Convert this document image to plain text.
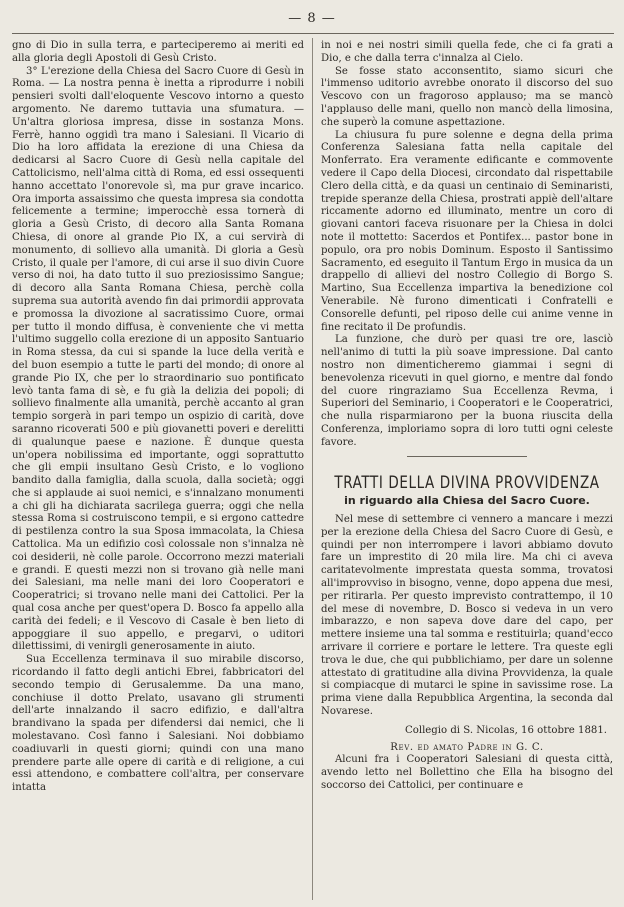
— 8 —

gno di Dio in sulla terra, e parteciperemo ai meriti ed alla gloria degli Apostoli di Gesù Cristo.

3° L'erezione della Chiesa del Sacro Cuore di Gesù in Roma. — La nostra penna è inetta a riprodurre i nobili pensieri svolti dall'eloquente Vescovo intorno a questo argomento. Ne daremo tuttavia una sfumatura. — Un'altra gloriosa impresa, disse in sostanza Mons. Ferrè, hanno oggidì tra mano i Salesiani. Il Vicario di Dio ha loro affidata la erezione di una Chiesa da dedicarsi al Sacro Cuore di Gesù nella capitale del Cattolicismo, nell'alma città di Roma, ed essi ossequenti hanno accettato l'onorevole sì, ma pur grave incarico. Ora importa assaissimo che questa impresa sia condotta felicemente a termine; imperocchè essa tornerà di gloria a Gesù Cristo, di decoro alla Santa Romana Chiesa, di onore al grande Pio IX, a cui servirà di monumento, di sollievo alla umanità. Di gloria a Gesù Cristo, il quale per l'amore, di cui arse il suo divin Cuore verso di noi, ha dato tutto il suo preziosissimo Sangue; di decoro alla Santa Romana Chiesa, perchè colla suprema sua autorità avendo fin dai primordii approvata e promossa la divozione al sacratissimo Cuore, ormai per tutto il mondo diffusa, è conveniente che vi metta l'ultimo suggello colla erezione di un apposito Santuario in Roma stessa, da cui si spande la luce della verità e del buon esempio a tutte le parti del mondo; di onore al grande Pio IX, che per lo straordinario suo pontificato levò tanta fama di sè, e fu già la delizia dei popoli; di sollievo finalmente alla umanità, perchè accanto al gran tempio sorgerà in pari tempo un ospizio di carità, dove saranno ricoverati 500 e più giovanetti poveri e derelitti di qualunque paese e nazione. È dunque questa un'opera nobilissima ed importante, oggi soprattutto che gli empii insultano Gesù Cristo, e lo vogliono bandito dalla famiglia, dalla scuola, dalla società; oggi che si applaude ai suoi nemici, e s'innalzano monumenti a chi gli ha dichiarata sacrilega guerra; oggi che nella stessa Roma si costruiscono tempii, e si ergono cattedre di pestilenza contro la sua Sposa immacolata, la Chiesa Cattolica. Ma un edifizio così colossale non s'innalza nè coi desiderii, nè colle parole. Occorrono mezzi materiali e grandi. E questi mezzi non si trovano già nelle mani dei Salesiani, ma nelle mani dei loro Cooperatori e Cooperatrici; si trovano nelle mani dei Cattolici. Per la qual cosa anche per quest'opera D. Bosco fa appello alla carità dei fedeli; e il Vescovo di Casale è ben lieto di appoggiare il suo appello, e pregarvi, o uditori dilettissimi, di venirgli generosamente in aiuto.

Sua Eccellenza terminava il suo mirabile discorso, ricordando il fatto degli antichi Ebrei, fabbricatori del secondo tempio di Gerusalemme. Da una mano, conchiuse il dotto Prelato, usavano gli strumenti dell'arte innalzando il sacro edifizio, e dall'altra brandivano la spada per difendersi dai nemici, che li molestavano. Così fanno i Salesiani. Noi dobbiamo coadiuvarli in questi giorni; quindi con una mano prendere parte alle opere di carità e di religione, a cui essi attendono, e combattere coll'altra, per conservare intatta

in noi e nei nostri simili quella fede, che ci fa grati a Dio, e che dalla terra c'innalza al Cielo.

Se fosse stato acconsentito, siamo sicuri che l'immenso uditorio avrebbe onorato il discorso del suo Vescovo con un fragoroso applauso; ma se mancò l'applauso delle mani, quello non mancò della limosina, che superò la comune aspettazione.

La chiusura fu pure solenne e degna della prima Conferenza Salesiana fatta nella capitale del Monferrato. Era veramente edificante e commovente vedere il Capo della Diocesi, circondato dal rispettabile Clero della città, e da quasi un centinaio di Seminaristi, trepide speranze della Chiesa, prostrati appiè dell'altare riccamente adorno ed illuminato, mentre un coro di giovani cantori faceva risuonare per la Chiesa in dolci note il mottetto: Sacerdos et Pontifex... pastor bone in populo, ora pro nobis Dominum. Esposto il Santissimo Sacramento, ed eseguito il Tantum Ergo in musica da un drappello di allievi del nostro Collegio di Borgo S. Martino, Sua Eccellenza impartiva la benedizione col Venerabile. Nè furono dimenticati i Confratelli e Consorelle defunti, pel riposo delle cui anime venne in fine recitato il De profundis.

La funzione, che durò per quasi tre ore, lasciò nell'animo di tutti la più soave impressione. Dal canto nostro non dimenticheremo giammai i segni di benevolenza ricevuti in quel giorno, e mentre dal fondo del cuore ringraziamo Sua Eccellenza Revma, i Superiori del Seminario, i Cooperatori e le Cooperatrici, che nulla risparmiarono per la buona riuscita della Conferenza, imploriamo sopra di loro tutti ogni celeste favore.

TRATTI DELLA DIVINA PROVVIDENZA
in riguardo alla Chiesa del Sacro Cuore.

Nel mese di settembre ci vennero a mancare i mezzi per la erezione della Chiesa del Sacro Cuore di Gesù, e quindi per non interrompere i lavori abbiamo dovuto fare un imprestito di 20 mila lire. Ma chi ci aveva caritatevolmente imprestata questa somma, trovatosi all'improvviso in bisogno, venne, dopo appena due mesi, per ritirarla. Per questo imprevisto contrattempo, il 10 del mese di novembre, D. Bosco si vedeva in un vero imbarazzo, e non sapeva dove dare del capo, per mettere insieme una tal somma e restituirla; quand'ecco arrivare il corriere e portare le lettere. Tra queste egli trova le due, che qui pubblichiamo, per dare un solenne attestato di gratitudine alla divina Provvidenza, la quale si compiacque di mutarci le spine in savissime rose. La prima viene dalla Repubblica Argentina, la seconda dal Novarese.

Collegio di S. Nicolas, 16 ottobre 1881.

Rev. ed amato Padre in G. C.

Alcuni fra i Cooperatori Salesiani di questa città, avendo letto nel Bollettino che Ella ha bisogno del soccorso dei Cattolici, per continuare e
